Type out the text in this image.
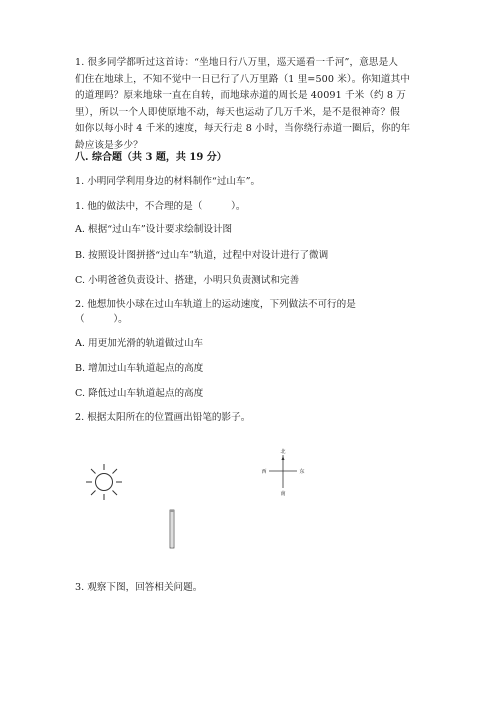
1. 很多同学都听过这首诗：“坐地日行八万里，巡天遥看一千河”，意思是人
们住在地球上，不知不觉中一日已行了八万里路（1 里=500 米）。你知道其中
的道理吗？原来地球一直在自转，而地球赤道的周长是 40091 千米（约 8 万
里），所以一个人即使原地不动，每天也运动了几万千米，是不是很神奇？假
如你以每小时 4 千米的速度，每天行走 8 小时，当你绕行赤道一圈后，你的年
龄应该是多少？
八. 综合题（共 3 题，共 19 分）
1. 小明同学利用身边的材料制作“过山车”。
1. 他的做法中，不合理的是（　　　）。
A. 根据“过山车”设计要求绘制设计图
B. 按照设计图拼搭“过山车”轨道，过程中对设计进行了微调
C. 小明爸爸负责设计、搭建，小明只负责测试和完善
2. 他想加快小球在过山车轨道上的运动速度，下列做法不可行的是
（　　　）。
A. 用更加光滑的轨道做过山车
B. 增加过山车轨道起点的高度
C. 降低过山车轨道起点的高度
2. 根据太阳所在的位置画出铅笔的影子。
北
南
东
西
3. 观察下图，回答相关问题。
